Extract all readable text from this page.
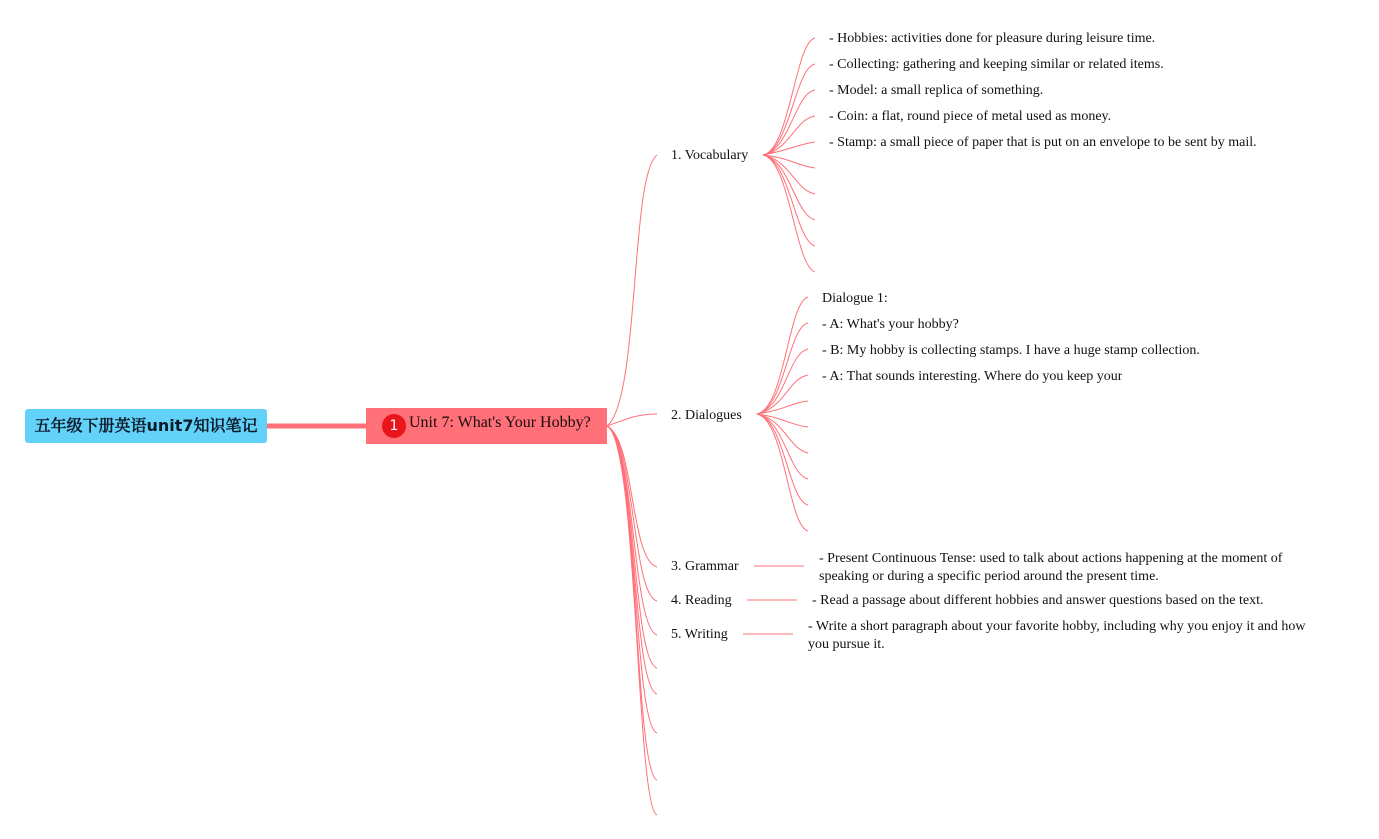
五年级下册英语unit7知识笔记	1 Unit 7: What's Your Hobby?
1. Vocabulary
2. Dialogues
3. Grammar
4. Reading
5. Writing
- Hobbies: activities done for pleasure during leisure time.
- Collecting: gathering and keeping similar or related items.
- Model: a small replica of something.
- Coin: a flat, round piece of metal used as money.
- Stamp: a small piece of paper that is put on an envelope to be sent by mail.
Dialogue 1:
- A: What's your hobby?
- B: My hobby is collecting stamps. I have a huge stamp collection.
- A: That sounds interesting. Where do you keep your
- Present Continuous Tense: used to talk about actions happening at the moment of speaking or during a specific period around the present time.
- Read a passage about different hobbies and answer questions based on the text.
- Write a short paragraph about your favorite hobby, including why you enjoy it and how you pursue it.
